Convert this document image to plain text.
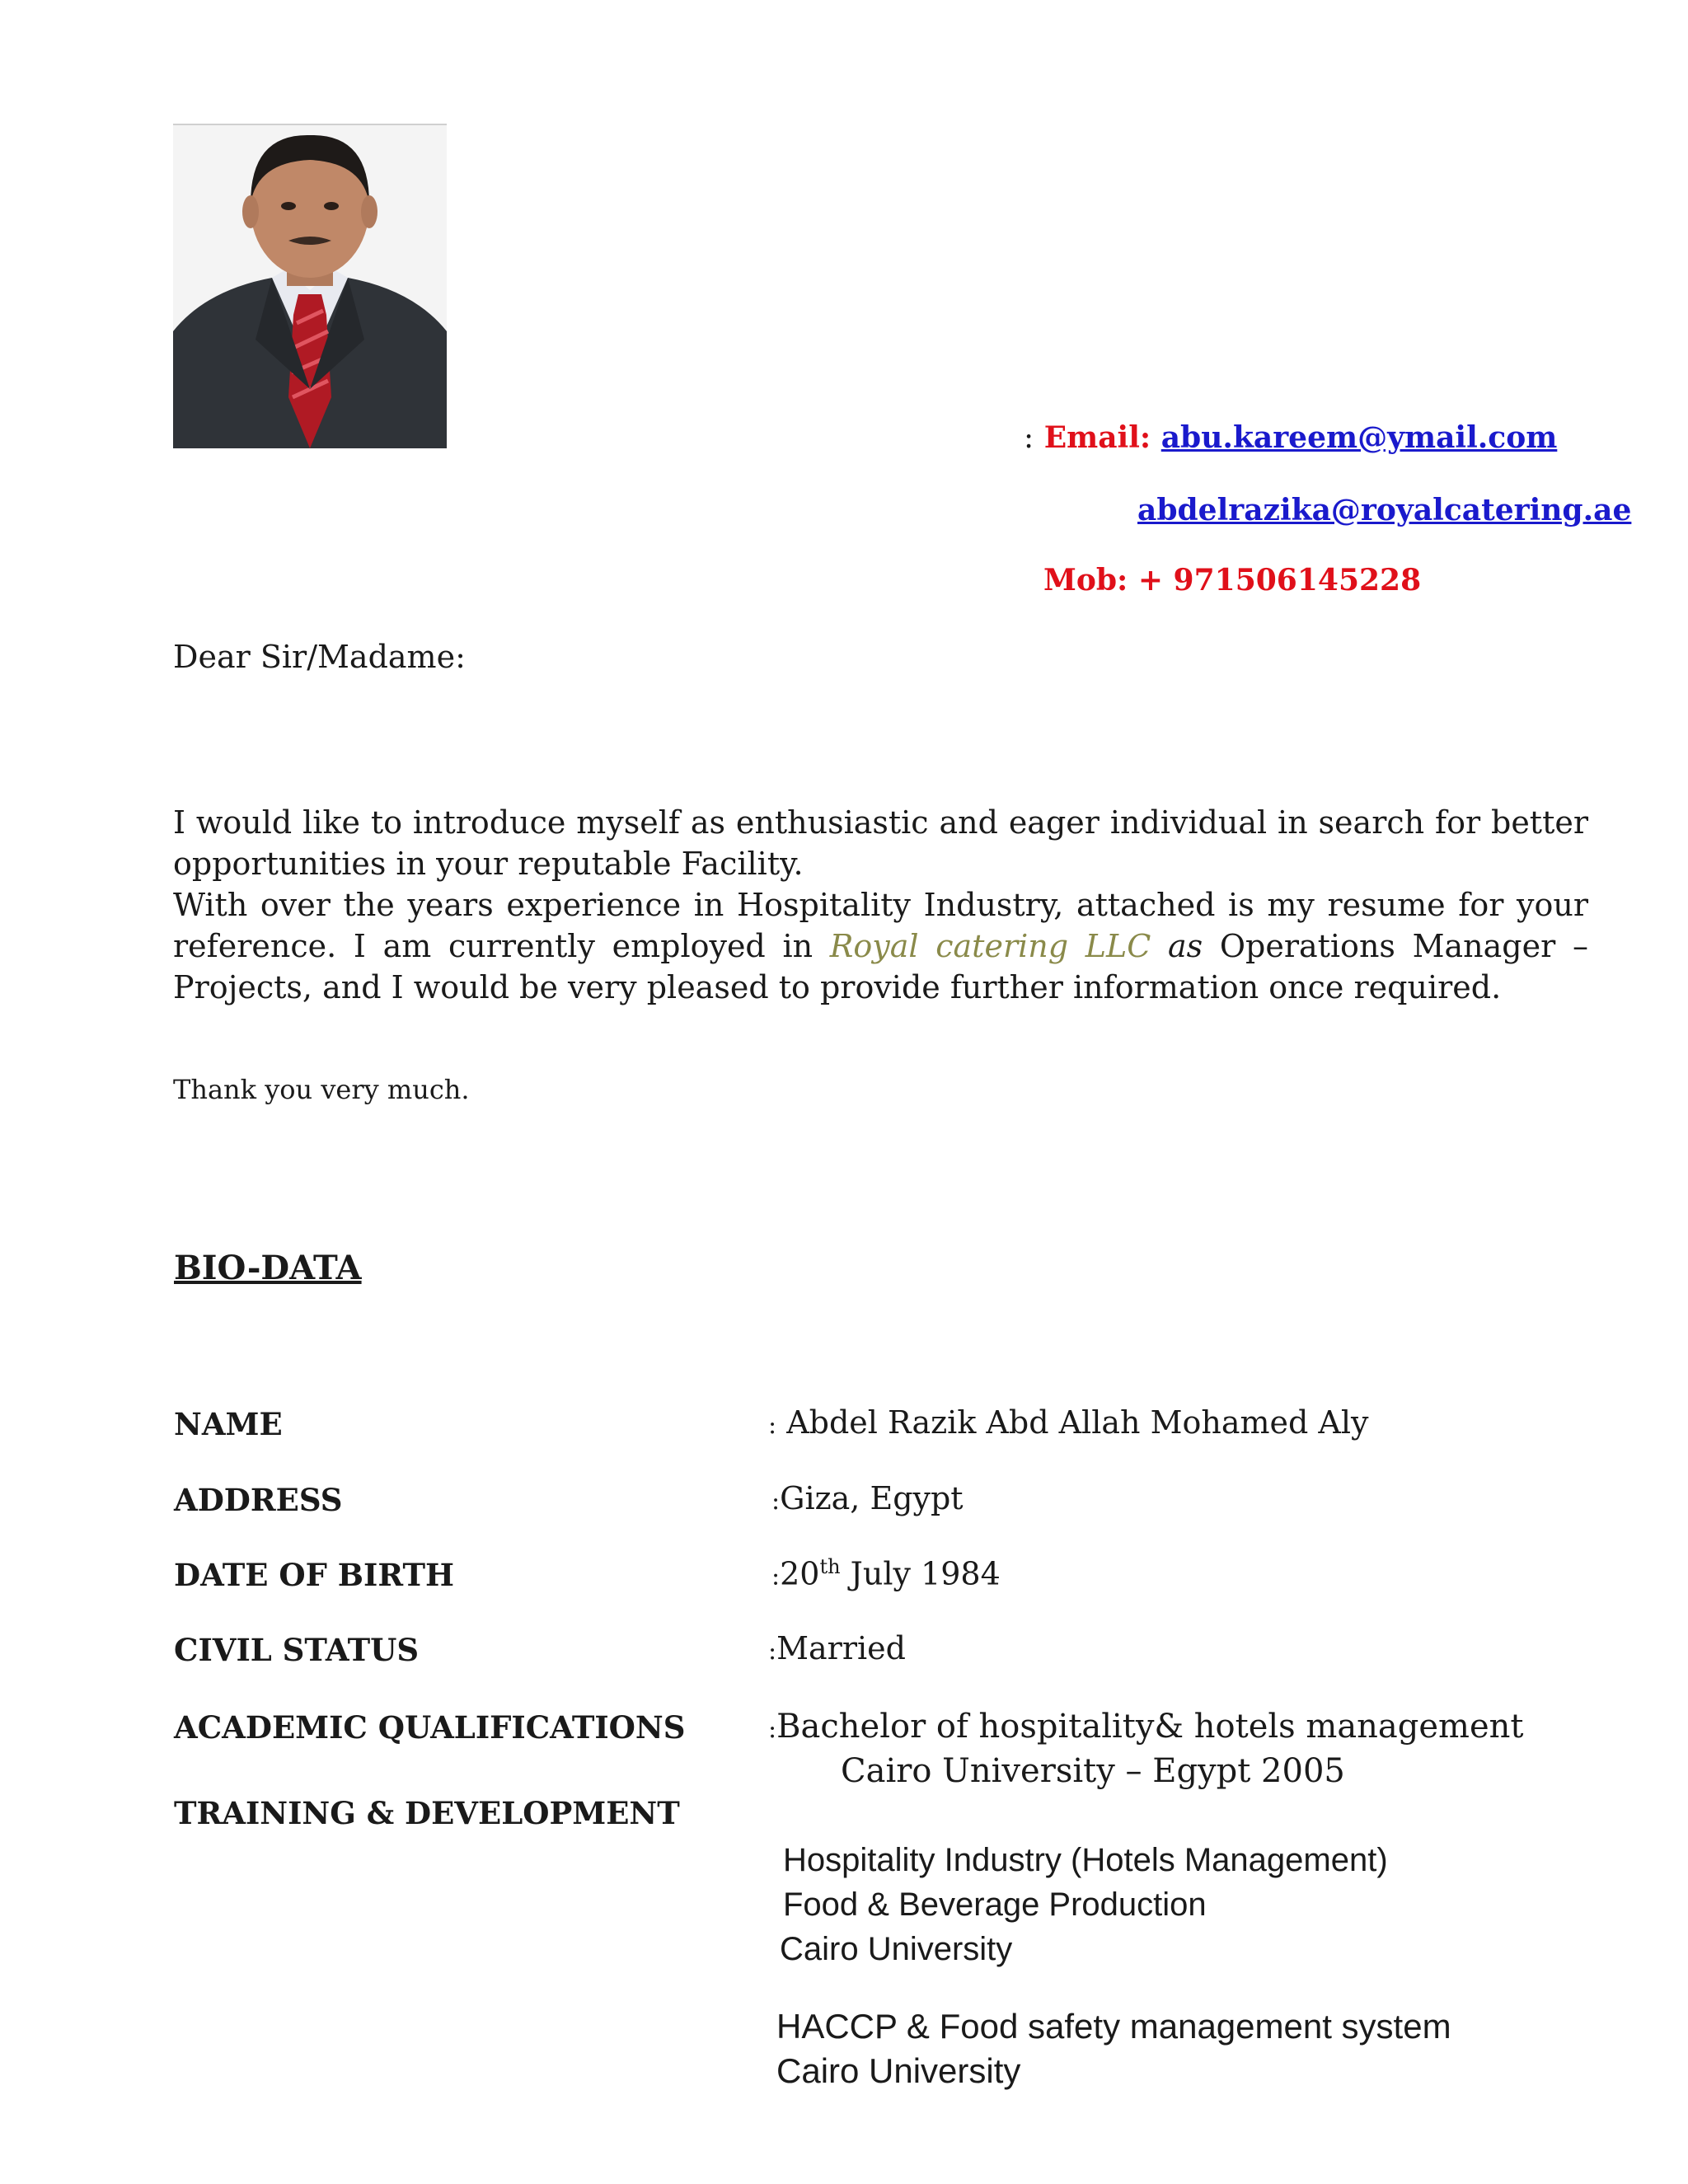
: Email: abu.kareem@ymail.com
abdelrazika@royalcatering.ae
Mob: + 971506145228
Dear Sir/Madame:
I would like to introduce myself as enthusiastic and eager individual in search for better opportunities in your reputable Facility.
With over the years experience in Hospitality Industry, attached is my resume for your reference. I am currently employed in Royal catering LLC as Operations Manager – Projects, and I would be very pleased to provide further information once required.
Thank you very much.
BIO-DATA
NAME	: Abdel Razik Abd Allah Mohamed Aly
ADDRESS	:Giza, Egypt
DATE OF BIRTH	:20th July 1984
CIVIL STATUS	:Married
ACADEMIC QUALIFICATIONS	:Bachelor of hospitality& hotels management
Cairo University – Egypt 2005
TRAINING & DEVELOPMENT
Hospitality Industry (Hotels Management)
Food & Beverage Production
Cairo University
HACCP & Food safety management system
Cairo University
